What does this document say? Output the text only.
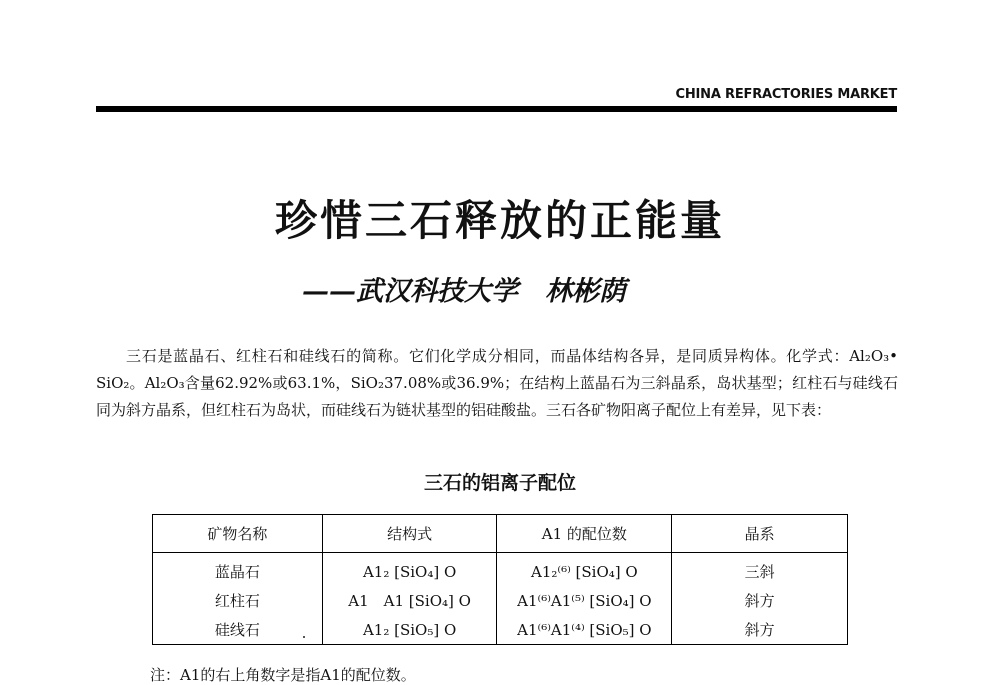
CHINA REFRACTORIES MARKET
珍惜三石释放的正能量
——武汉科技大学　林彬荫

三石是蓝晶石、红柱石和硅线石的简称。它们化学成分相同，而晶体结构各异，是同质异构体。化学式：Al₂O₃• SiO₂。Al₂O₃含量62.92%或63.1%，SiO₂37.08%或36.9%；在结构上蓝晶石为三斜晶系，岛状基型；红柱石与硅线石同为斜方晶系，但红柱石为岛状，而硅线石为链状基型的铝硅酸盐。三石各矿物阳离子配位上有差异，见下表：

三石的铝离子配位
矿物名称	结构式	A1 的配位数	晶系
蓝晶石	A1₂ [SiO₄] O	A1₂⁽⁶⁾ [SiO₄] O	三斜
红柱石	A1　A1 [SiO₄] O	A1⁽⁶⁾A1⁽⁵⁾ [SiO₄] O	斜方
硅线石	A1₂ [SiO₅] O	A1⁽⁶⁾A1⁽⁴⁾ [SiO₅] O	斜方
注：A1的右上角数字是指A1的配位数。
